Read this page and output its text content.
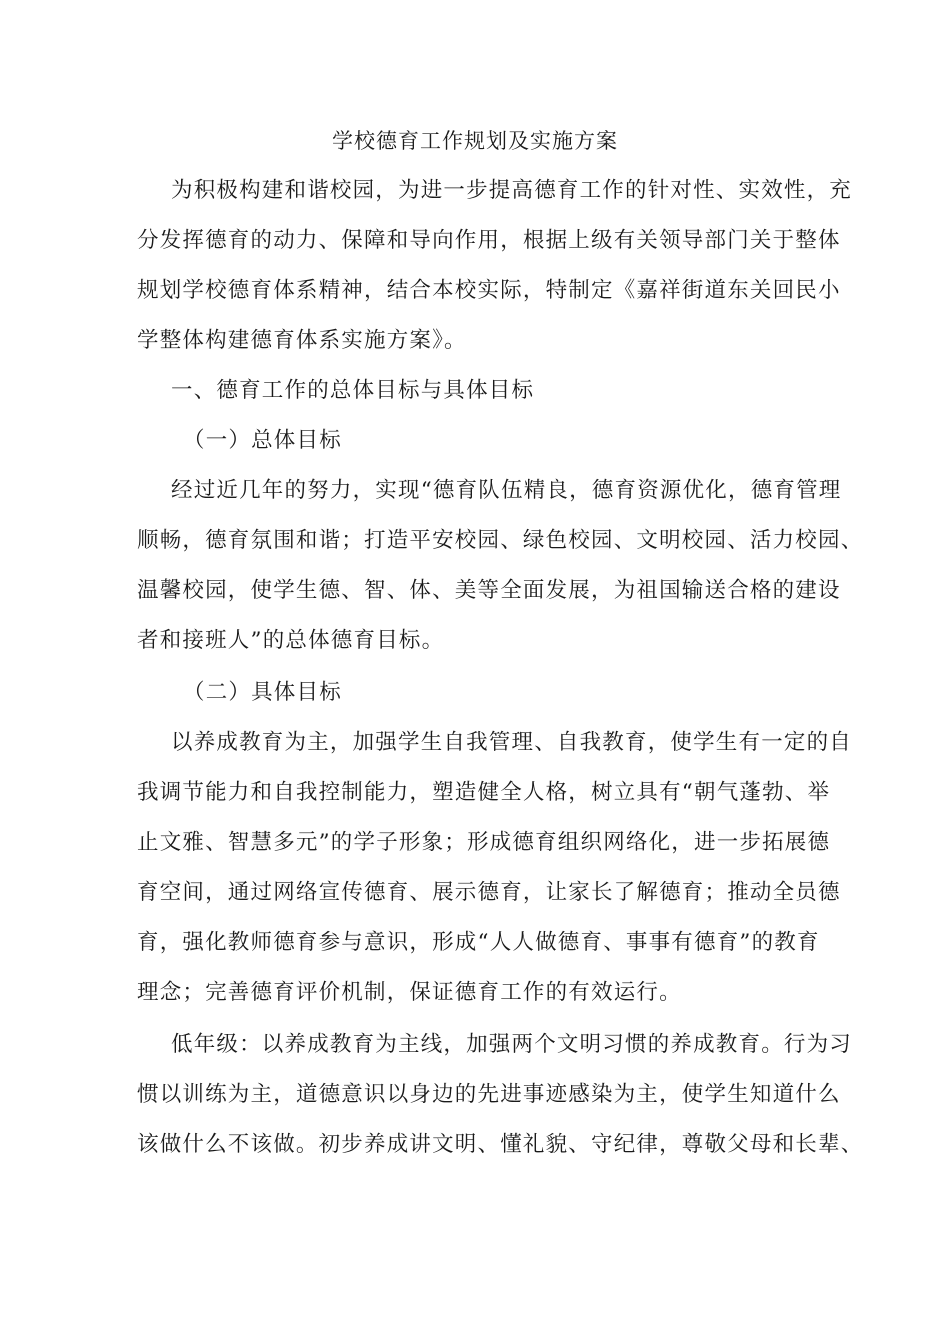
学校德育工作规划及实施方案
为积极构建和谐校园，为进一步提高德育工作的针对性、实效性，充
分发挥德育的动力、保障和导向作用，根据上级有关领导部门关于整体
规划学校德育体系精神，结合本校实际，特制定《嘉祥街道东关回民小
学整体构建德育体系实施方案》。
一、德育工作的总体目标与具体目标
（一）总体目标
经过近几年的努力，实现“德育队伍精良，德育资源优化，德育管理
顺畅，德育氛围和谐；打造平安校园、绿色校园、文明校园、活力校园、
温馨校园，使学生德、智、体、美等全面发展，为祖国输送合格的建设
者和接班人”的总体德育目标。
（二）具体目标
以养成教育为主，加强学生自我管理、自我教育，使学生有一定的自
我调节能力和自我控制能力，塑造健全人格，树立具有“朝气蓬勃、举
止文雅、智慧多元”的学子形象；形成德育组织网络化，进一步拓展德
育空间，通过网络宣传德育、展示德育，让家长了解德育；推动全员德
育，强化教师德育参与意识，形成“人人做德育、事事有德育”的教育
理念；完善德育评价机制，保证德育工作的有效运行。
低年级：以养成教育为主线，加强两个文明习惯的养成教育。行为习
惯以训练为主，道德意识以身边的先进事迹感染为主，使学生知道什么
该做什么不该做。初步养成讲文明、懂礼貌、守纪律，尊敬父母和长辈、
